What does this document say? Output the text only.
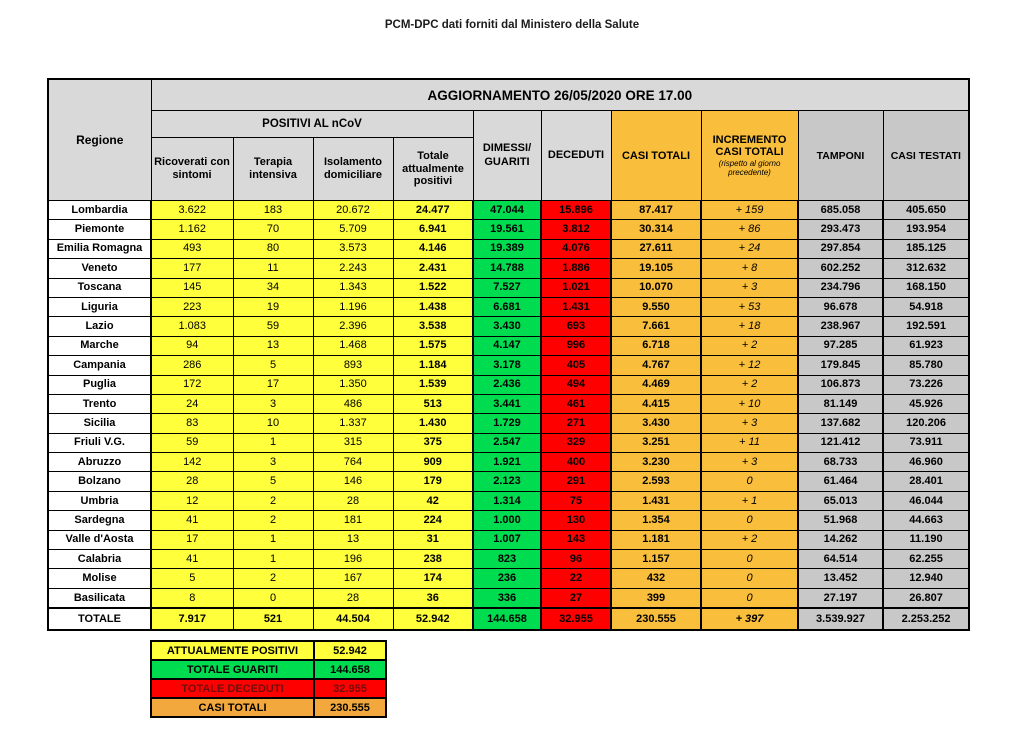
PCM-DPC dati forniti dal Ministero della Salute
Regione	AGGIORNAMENTO 26/05/2020 ORE 17.00									
	POSITIVI AL nCoV				DIMESSI/ GUARITI	DECEDUTI	CASI TOTALI	INCREMENTO
CASI TOTALI
(rispetto al giorno precedente)	TAMPONI	CASI TESTATI
	Ricoverati con sintomi	Terapia intensiva	Isolamento domiciliare	Totale attualmente positivi						
Lombardia	3.622	183	20.672	24.477	47.044	15.896	87.417	+ 159	685.058	405.650
Piemonte	1.162	70	5.709	6.941	19.561	3.812	30.314	+ 86	293.473	193.954
Emilia Romagna	493	80	3.573	4.146	19.389	4.076	27.611	+ 24	297.854	185.125
Veneto	177	11	2.243	2.431	14.788	1.886	19.105	+ 8	602.252	312.632
Toscana	145	34	1.343	1.522	7.527	1.021	10.070	+ 3	234.796	168.150
Liguria	223	19	1.196	1.438	6.681	1.431	9.550	+ 53	96.678	54.918
Lazio	1.083	59	2.396	3.538	3.430	693	7.661	+ 18	238.967	192.591
Marche	94	13	1.468	1.575	4.147	996	6.718	+ 2	97.285	61.923
Campania	286	5	893	1.184	3.178	405	4.767	+ 12	179.845	85.780
Puglia	172	17	1.350	1.539	2.436	494	4.469	+ 2	106.873	73.226
Trento	24	3	486	513	3.441	461	4.415	+ 10	81.149	45.926
Sicilia	83	10	1.337	1.430	1.729	271	3.430	+ 3	137.682	120.206
Friuli V.G.	59	1	315	375	2.547	329	3.251	+ 11	121.412	73.911
Abruzzo	142	3	764	909	1.921	400	3.230	+ 3	68.733	46.960
Bolzano	28	5	146	179	2.123	291	2.593	0	61.464	28.401
Umbria	12	2	28	42	1.314	75	1.431	+ 1	65.013	46.044
Sardegna	41	2	181	224	1.000	130	1.354	0	51.968	44.663
Valle d'Aosta	17	1	13	31	1.007	143	1.181	+ 2	14.262	11.190
Calabria	41	1	196	238	823	96	1.157	0	64.514	62.255
Molise	5	2	167	174	236	22	432	0	13.452	12.940
Basilicata	8	0	28	36	336	27	399	0	27.197	26.807
TOTALE	7.917	521	44.504	52.942	144.658	32.955	230.555	+ 397	3.539.927	2.253.252
ATTUALMENTE POSITIVI	52.942
TOTALE GUARITI	144.658
TOTALE DECEDUTI	32.955
CASI TOTALI	230.555
